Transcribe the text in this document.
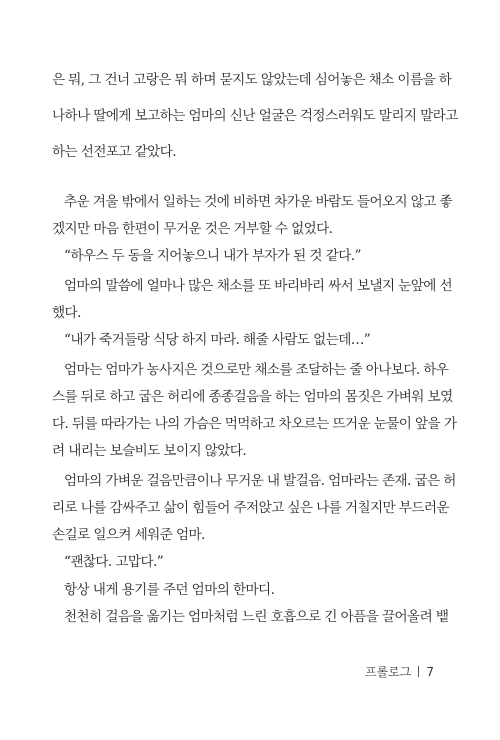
은 뭐, 그 건너 고랑은 뭐 하며 묻지도 않았는데 심어놓은 채소 이름을 하
나하나 딸에게 보고하는 엄마의 신난 얼굴은 걱정스러워도 말리지 말라고
하는 선전포고 같았다.
추운 겨울 밖에서 일하는 것에 비하면 차가운 바람도 들어오지 않고 좋
겠지만 마음 한편이 무거운 것은 거부할 수 없었다.
“하우스 두 동을 지어놓으니 내가 부자가 된 것 같다.”
엄마의 말씀에 얼마나 많은 채소를 또 바리바리 싸서 보낼지 눈앞에 선
했다.
“내가 죽거들랑 식당 하지 마라. 해줄 사람도 없는데…”
엄마는 엄마가 농사지은 것으로만 채소를 조달하는 줄 아나보다. 하우
스를 뒤로 하고 굽은 허리에 종종걸음을 하는 엄마의 몸짓은 가벼워 보였
다. 뒤를 따라가는 나의 가슴은 먹먹하고 차오르는 뜨거운 눈물이 앞을 가
려 내리는 보슬비도 보이지 않았다.
엄마의 가벼운 걸음만큼이나 무거운 내 발걸음. 엄마라는 존재. 굽은 허
리로 나를 감싸주고 삶이 힘들어 주저앉고 싶은 나를 거칠지만 부드러운
손길로 일으켜 세워준 엄마.
“괜찮다. 고맙다.”
항상 내게 용기를 주던 엄마의 한마디.
천천히 걸음을 옮기는 엄마처럼 느린 호흡으로 긴 아픔을 끌어올려 뱉
프롤로그 7
